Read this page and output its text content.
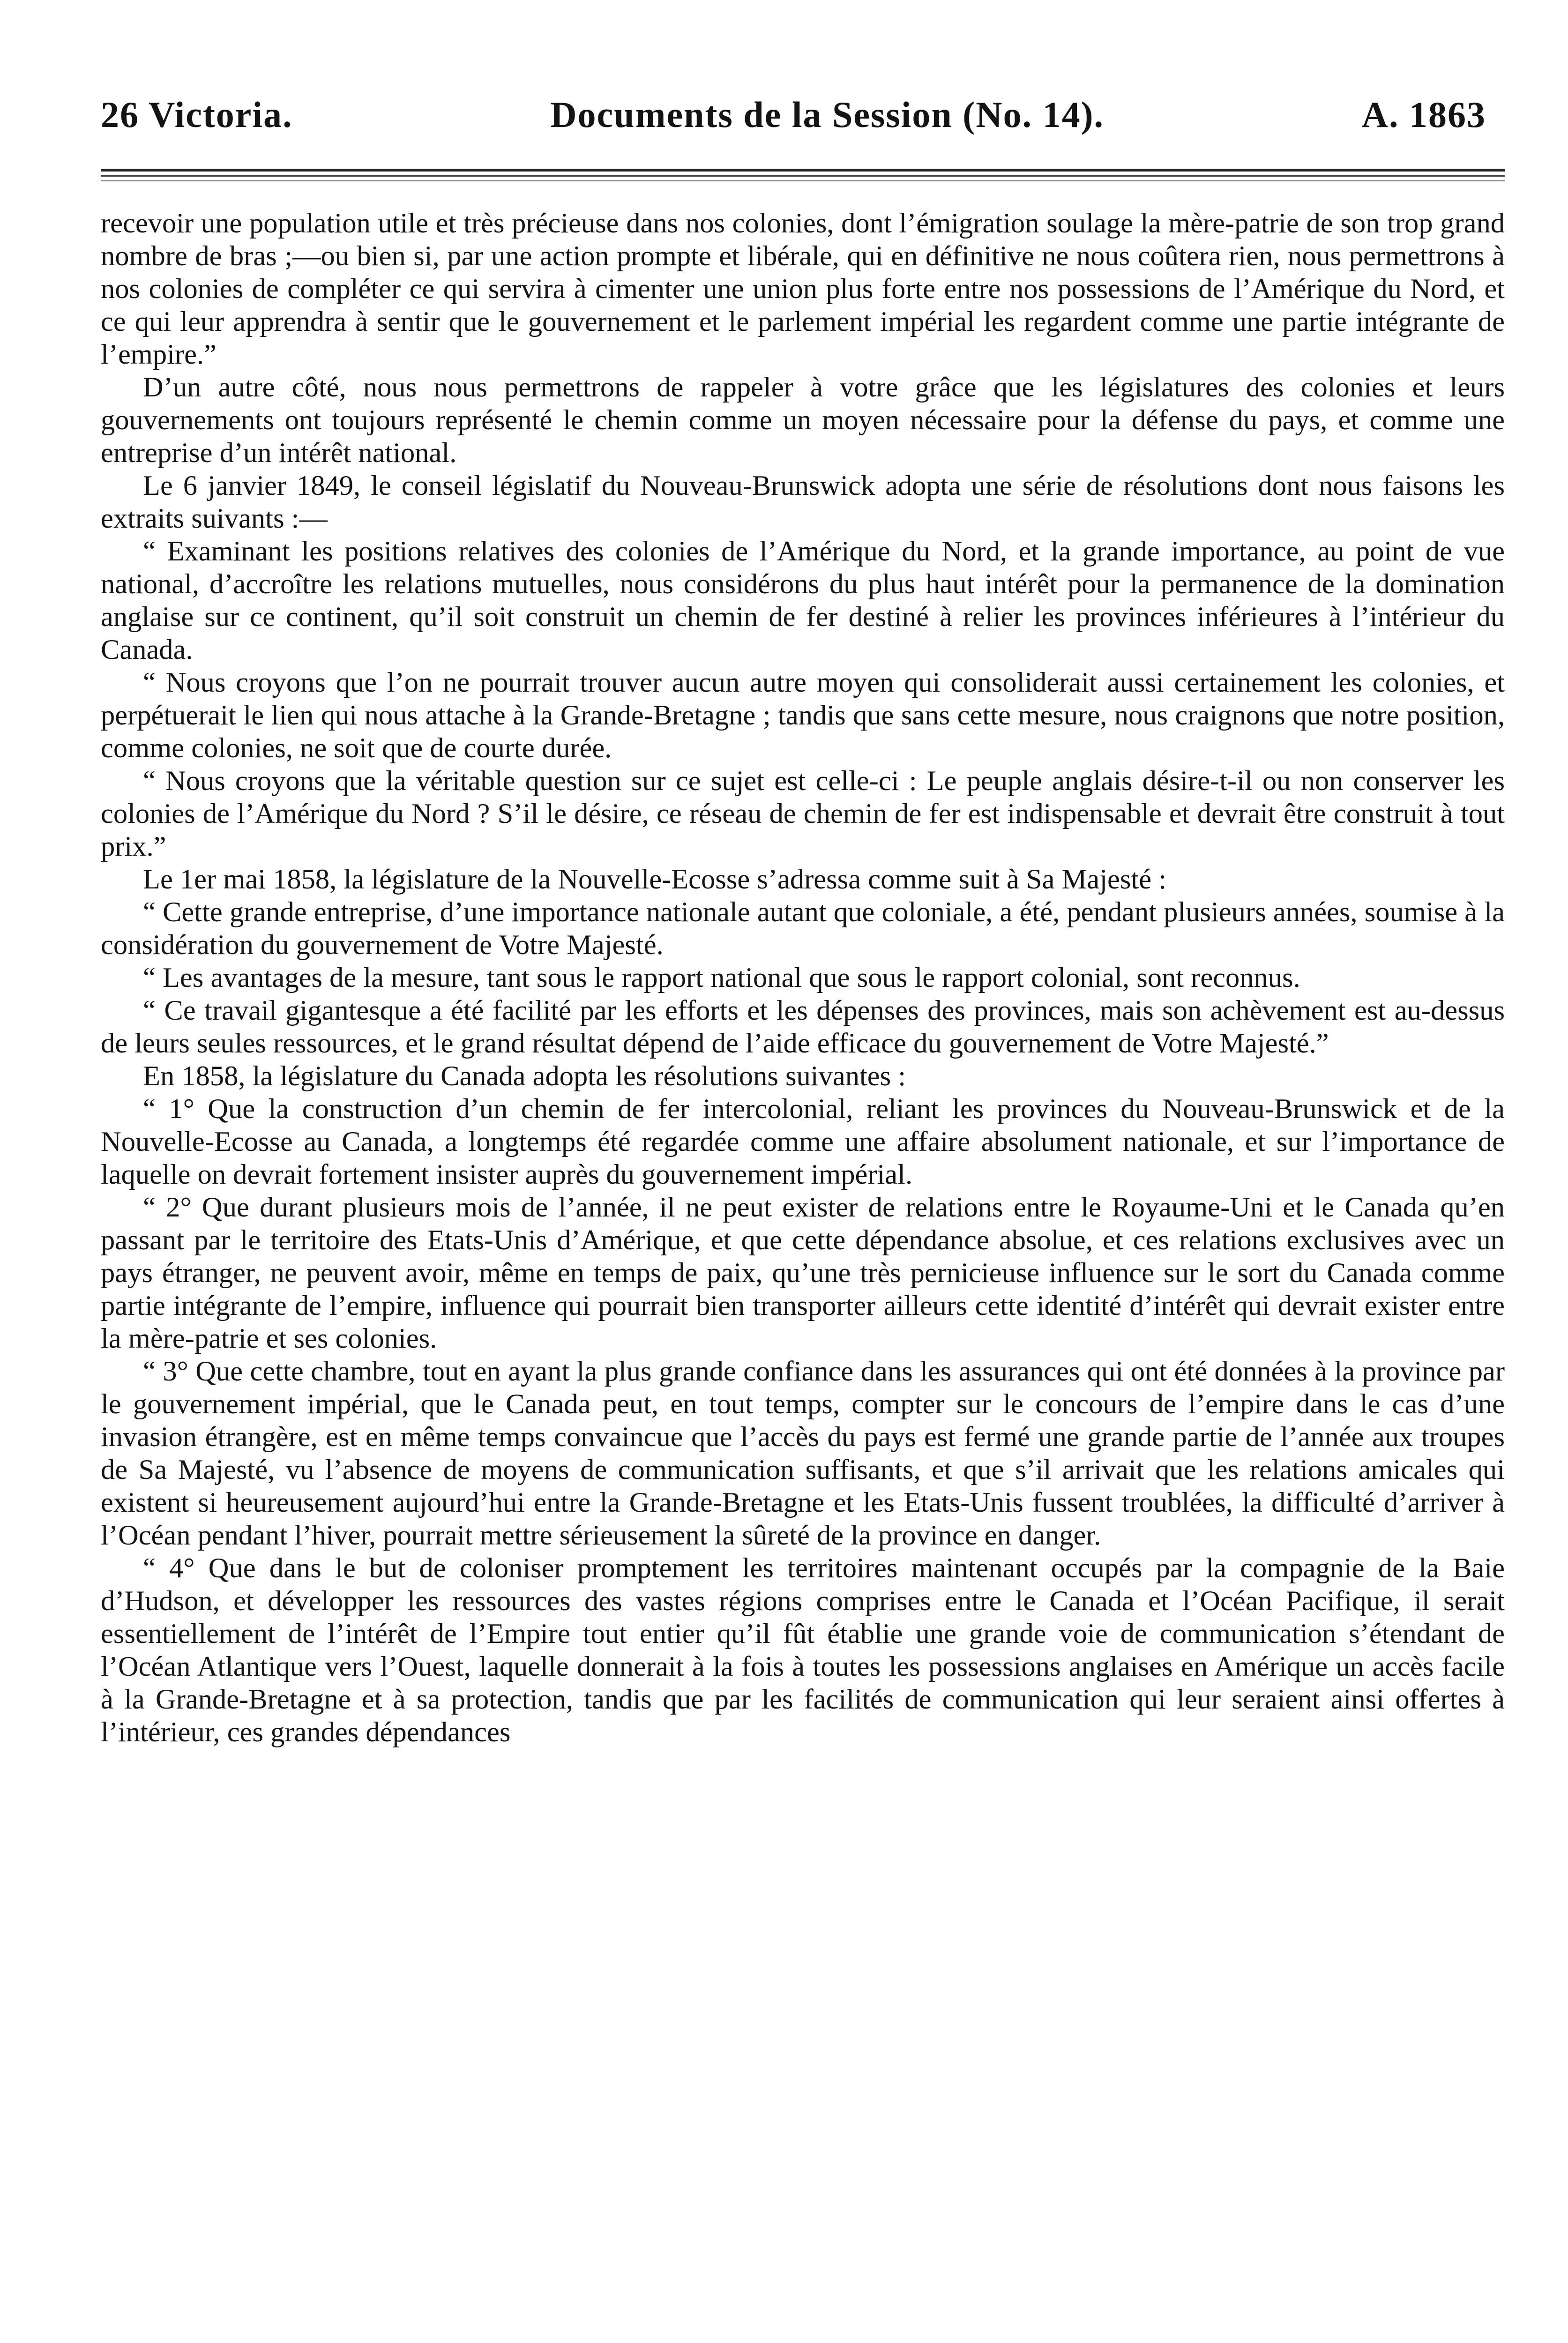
26 Victoria.	Documents de la Session (No. 14).	A. 1863

recevoir une population utile et très précieuse dans nos colonies, dont l’émigration soulage la mère-patrie de son trop grand nombre de bras ;—ou bien si, par une action prompte et libérale, qui en définitive ne nous coûtera rien, nous permettrons à nos colonies de compléter ce qui servira à cimenter une union plus forte entre nos possessions de l’Amérique du Nord, et ce qui leur apprendra à sentir que le gouvernement et le parlement impérial les regardent comme une partie intégrante de l’empire.”

D’un autre côté, nous nous permettrons de rappeler à votre grâce que les législatures des colonies et leurs gouvernements ont toujours représenté le chemin comme un moyen nécessaire pour la défense du pays, et comme une entreprise d’un intérêt national.

Le 6 janvier 1849, le conseil législatif du Nouveau-Brunswick adopta une série de résolutions dont nous faisons les extraits suivants :—

“ Examinant les positions relatives des colonies de l’Amérique du Nord, et la grande importance, au point de vue national, d’accroître les relations mutuelles, nous considérons du plus haut intérêt pour la permanence de la domination anglaise sur ce continent, qu’il soit construit un chemin de fer destiné à relier les provinces inférieures à l’intérieur du Canada.

“ Nous croyons que l’on ne pourrait trouver aucun autre moyen qui consoliderait aussi certainement les colonies, et perpétuerait le lien qui nous attache à la Grande-Bretagne ; tandis que sans cette mesure, nous craignons que notre position, comme colonies, ne soit que de courte durée.

“ Nous croyons que la véritable question sur ce sujet est celle-ci : Le peuple anglais désire-t-il ou non conserver les colonies de l’Amérique du Nord ? S’il le désire, ce réseau de chemin de fer est indispensable et devrait être construit à tout prix.”

Le 1er mai 1858, la législature de la Nouvelle-Ecosse s’adressa comme suit à Sa Majesté :

“ Cette grande entreprise, d’une importance nationale autant que coloniale, a été, pendant plusieurs années, soumise à la considération du gouvernement de Votre Majesté.

“ Les avantages de la mesure, tant sous le rapport national que sous le rapport colonial, sont reconnus.

“ Ce travail gigantesque a été facilité par les efforts et les dépenses des provinces, mais son achèvement est au-dessus de leurs seules ressources, et le grand résultat dépend de l’aide efficace du gouvernement de Votre Majesté.”

En 1858, la législature du Canada adopta les résolutions suivantes :

“ 1° Que la construction d’un chemin de fer intercolonial, reliant les provinces du Nouveau-Brunswick et de la Nouvelle-Ecosse au Canada, a longtemps été regardée comme une affaire absolument nationale, et sur l’importance de laquelle on devrait fortement insister auprès du gouvernement impérial.

“ 2° Que durant plusieurs mois de l’année, il ne peut exister de relations entre le Royaume-Uni et le Canada qu’en passant par le territoire des Etats-Unis d’Amérique, et que cette dépendance absolue, et ces relations exclusives avec un pays étranger, ne peuvent avoir, même en temps de paix, qu’une très pernicieuse influence sur le sort du Canada comme partie intégrante de l’empire, influence qui pourrait bien transporter ailleurs cette identité d’intérêt qui devrait exister entre la mère-patrie et ses colonies.

“ 3° Que cette chambre, tout en ayant la plus grande confiance dans les assurances qui ont été données à la province par le gouvernement impérial, que le Canada peut, en tout temps, compter sur le concours de l’empire dans le cas d’une invasion étrangère, est en même temps convaincue que l’accès du pays est fermé une grande partie de l’année aux troupes de Sa Majesté, vu l’absence de moyens de communication suffisants, et que s’il arrivait que les relations amicales qui existent si heureusement aujourd’hui entre la Grande-Bretagne et les Etats-Unis fussent troublées, la difficulté d’arriver à l’Océan pendant l’hiver, pourrait mettre sérieusement la sûreté de la province en danger.

“ 4° Que dans le but de coloniser promptement les territoires maintenant occupés par la compagnie de la Baie d’Hudson, et développer les ressources des vastes régions comprises entre le Canada et l’Océan Pacifique, il serait essentiellement de l’intérêt de l’Empire tout entier qu’il fût établie une grande voie de communication s’étendant de l’Océan Atlantique vers l’Ouest, laquelle donnerait à la fois à toutes les possessions anglaises en Amérique un accès facile à la Grande-Bretagne et à sa protection, tandis que par les facilités de communication qui leur seraient ainsi offertes à l’intérieur, ces grandes dépendances
